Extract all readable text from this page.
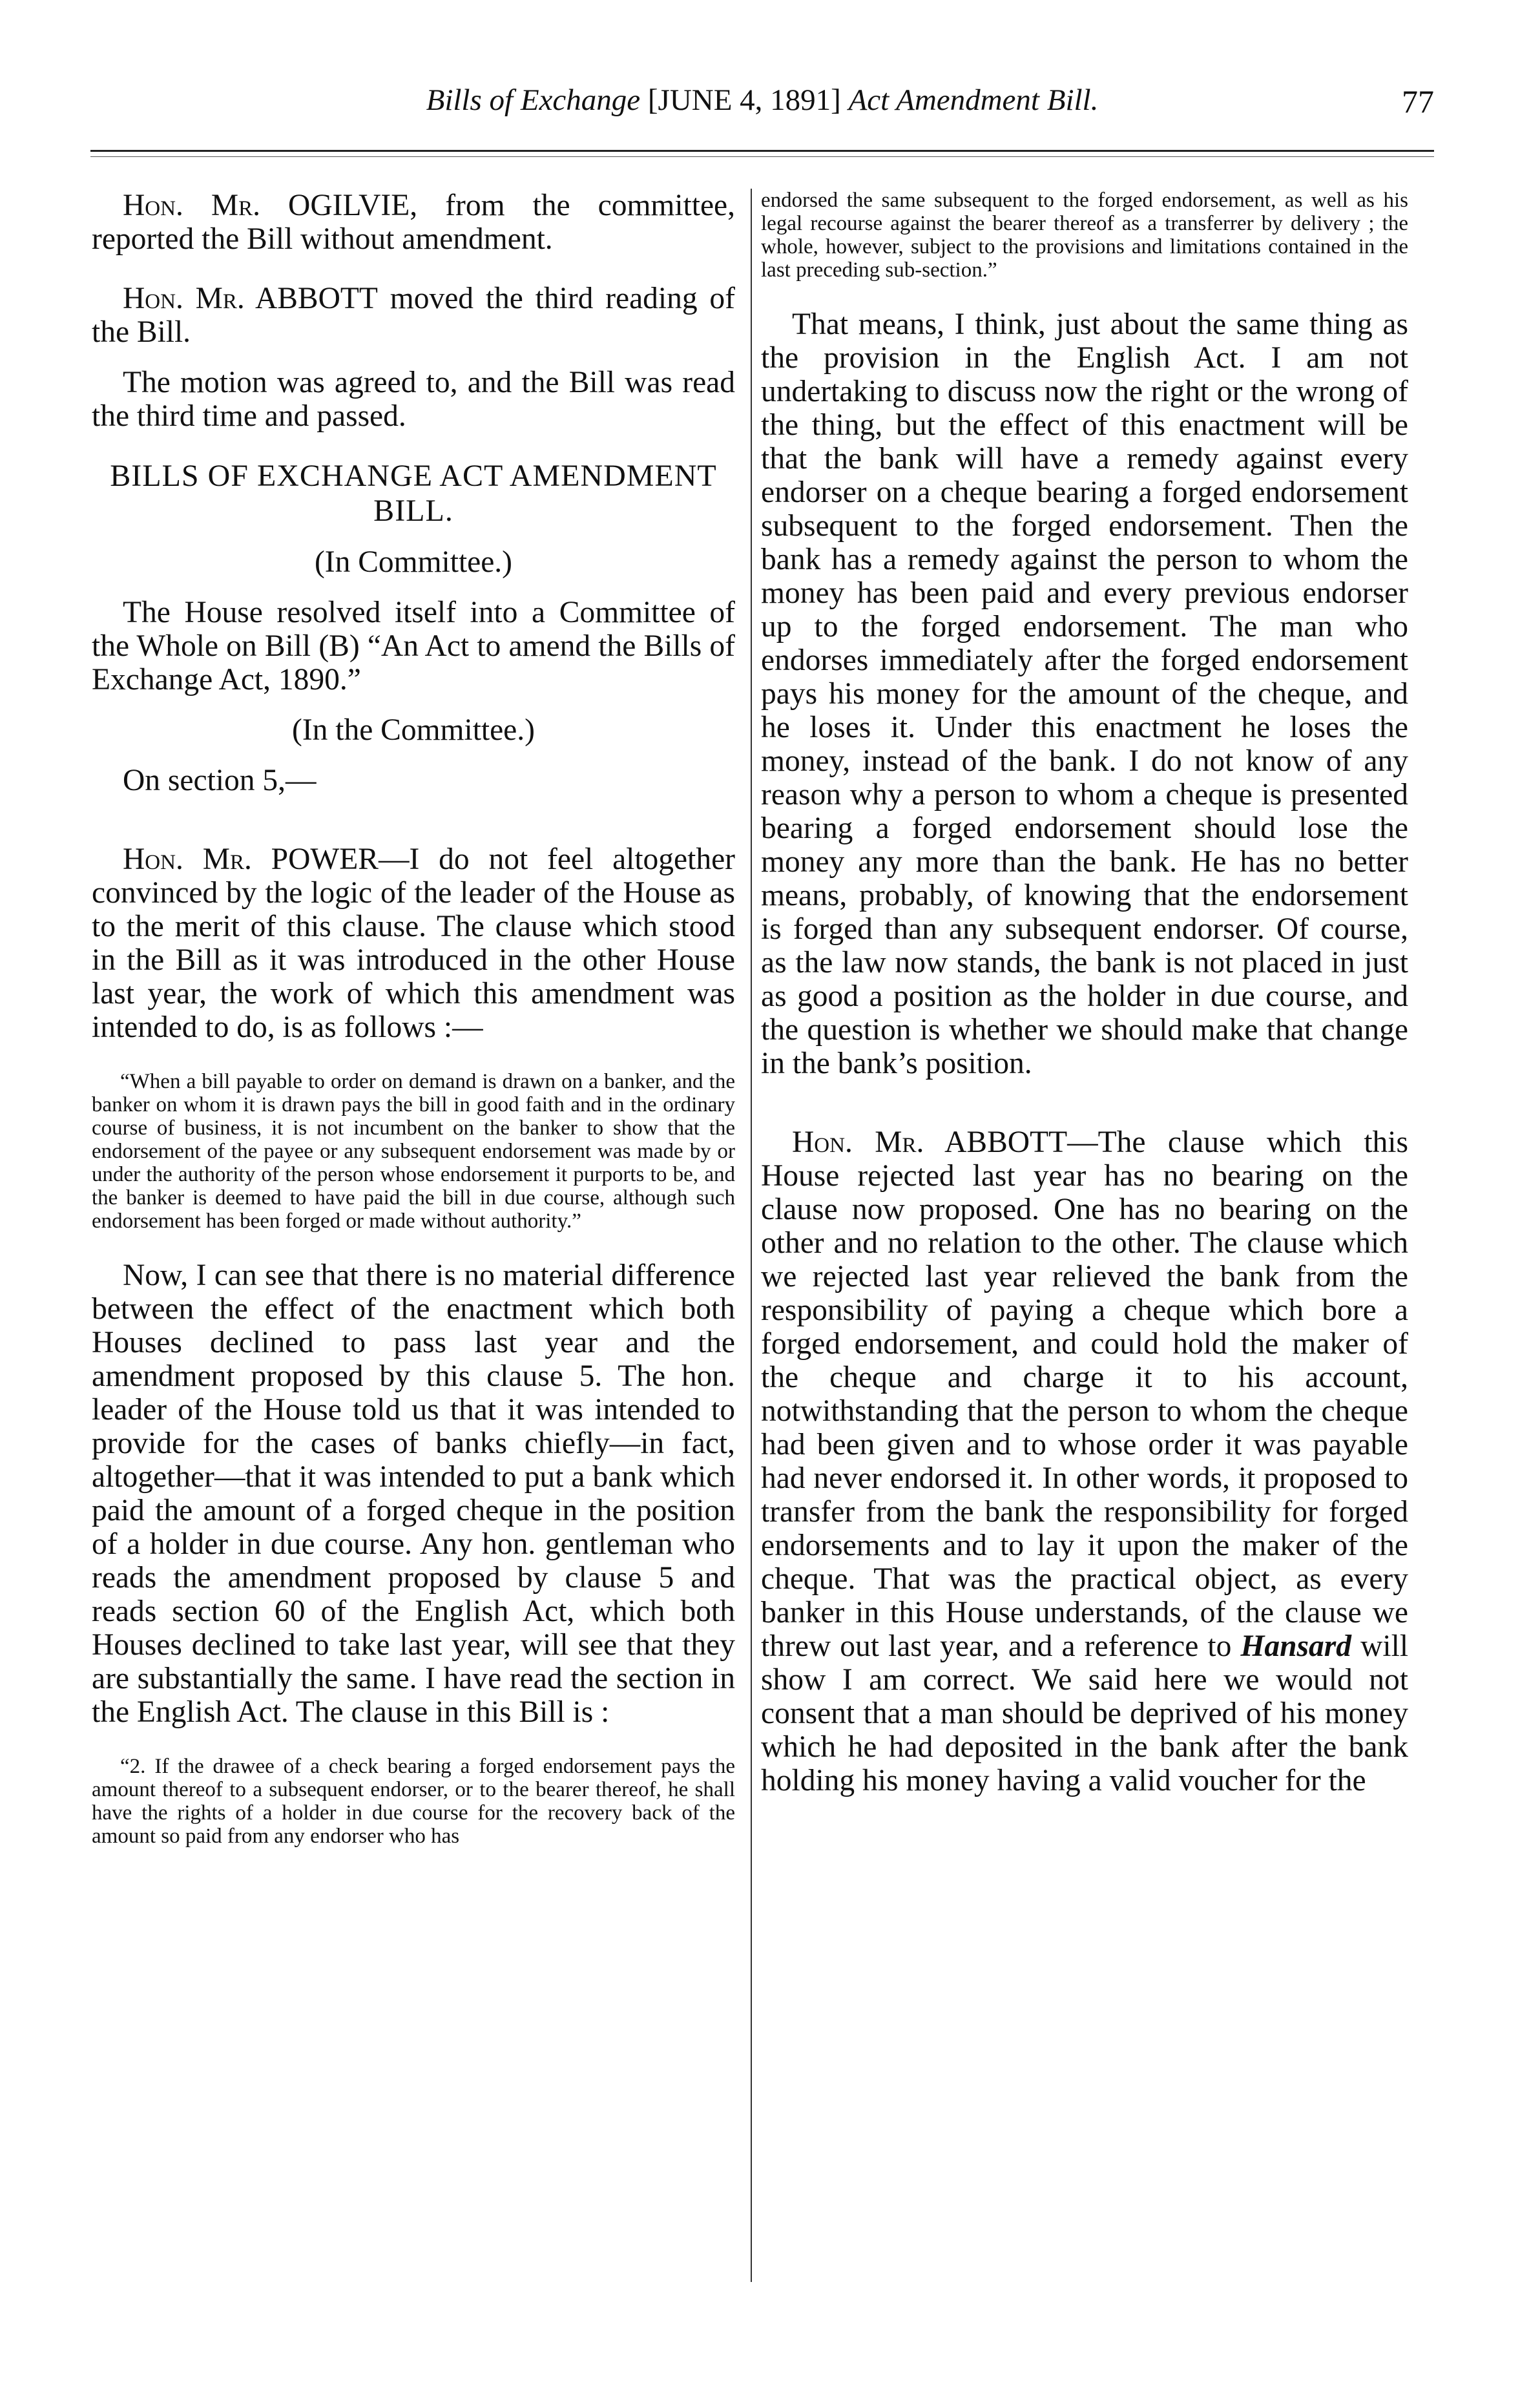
Bills of Exchange [JUNE 4, 1891] Act Amendment Bill.	77

Hon. Mr. OGILVIE, from the committee, reported the Bill without amendment.

Hon. Mr. ABBOTT moved the third reading of the Bill.

The motion was agreed to, and the Bill was read the third time and passed.

BILLS OF EXCHANGE ACT AMENDMENT BILL.

(In Committee.)

The House resolved itself into a Committee of the Whole on Bill (B) “An Act to amend the Bills of Exchange Act, 1890.”

(In the Committee.)

On section 5,—

Hon. Mr. POWER—I do not feel altogether convinced by the logic of the leader of the House as to the merit of this clause. The clause which stood in the Bill as it was introduced in the other House last year, the work of which this amendment was intended to do, is as follows :—

“When a bill payable to order on demand is drawn on a banker, and the banker on whom it is drawn pays the bill in good faith and in the ordinary course of business, it is not incumbent on the banker to show that the endorsement of the payee or any subsequent endorsement was made by or under the authority of the person whose endorsement it purports to be, and the banker is deemed to have paid the bill in due course, although such endorsement has been forged or made without authority.”

Now, I can see that there is no material difference between the effect of the enactment which both Houses declined to pass last year and the amendment proposed by this clause 5. The hon. leader of the House told us that it was intended to provide for the cases of banks chiefly—in fact, altogether—that it was intended to put a bank which paid the amount of a forged cheque in the position of a holder in due course. Any hon. gentleman who reads the amendment proposed by clause 5 and reads section 60 of the English Act, which both Houses declined to take last year, will see that they are substantially the same. I have read the section in the English Act. The clause in this Bill is :

“2. If the drawee of a check bearing a forged endorsement pays the amount thereof to a subsequent endorser, or to the bearer thereof, he shall have the rights of a holder in due course for the recovery back of the amount so paid from any endorser who has

endorsed the same subsequent to the forged endorsement, as well as his legal recourse against the bearer thereof as a transferrer by delivery ; the whole, however, subject to the provisions and limitations contained in the last preceding sub-section.”

That means, I think, just about the same thing as the provision in the English Act. I am not undertaking to discuss now the right or the wrong of the thing, but the effect of this enactment will be that the bank will have a remedy against every endorser on a cheque bearing a forged endorsement subsequent to the forged endorsement. Then the bank has a remedy against the person to whom the money has been paid and every previous endorser up to the forged endorsement. The man who endorses immediately after the forged endorsement pays his money for the amount of the cheque, and he loses it. Under this enactment he loses the money, instead of the bank. I do not know of any reason why a person to whom a cheque is presented bearing a forged endorsement should lose the money any more than the bank. He has no better means, probably, of knowing that the endorsement is forged than any subsequent endorser. Of course, as the law now stands, the bank is not placed in just as good a position as the holder in due course, and the question is whether we should make that change in the bank’s position.

Hon. Mr. ABBOTT—The clause which this House rejected last year has no bearing on the clause now proposed. One has no bearing on the other and no relation to the other. The clause which we rejected last year relieved the bank from the responsibility of paying a cheque which bore a forged endorsement, and could hold the maker of the cheque and charge it to his account, notwithstanding that the person to whom the cheque had been given and to whose order it was payable had never endorsed it. In other words, it proposed to transfer from the bank the responsibility for forged endorsements and to lay it upon the maker of the cheque. That was the practical object, as every banker in this House understands, of the clause we threw out last year, and a reference to Hansard will show I am correct. We said here we would not consent that a man should be deprived of his money which he had deposited in the bank after the bank holding his money having a valid voucher for the
